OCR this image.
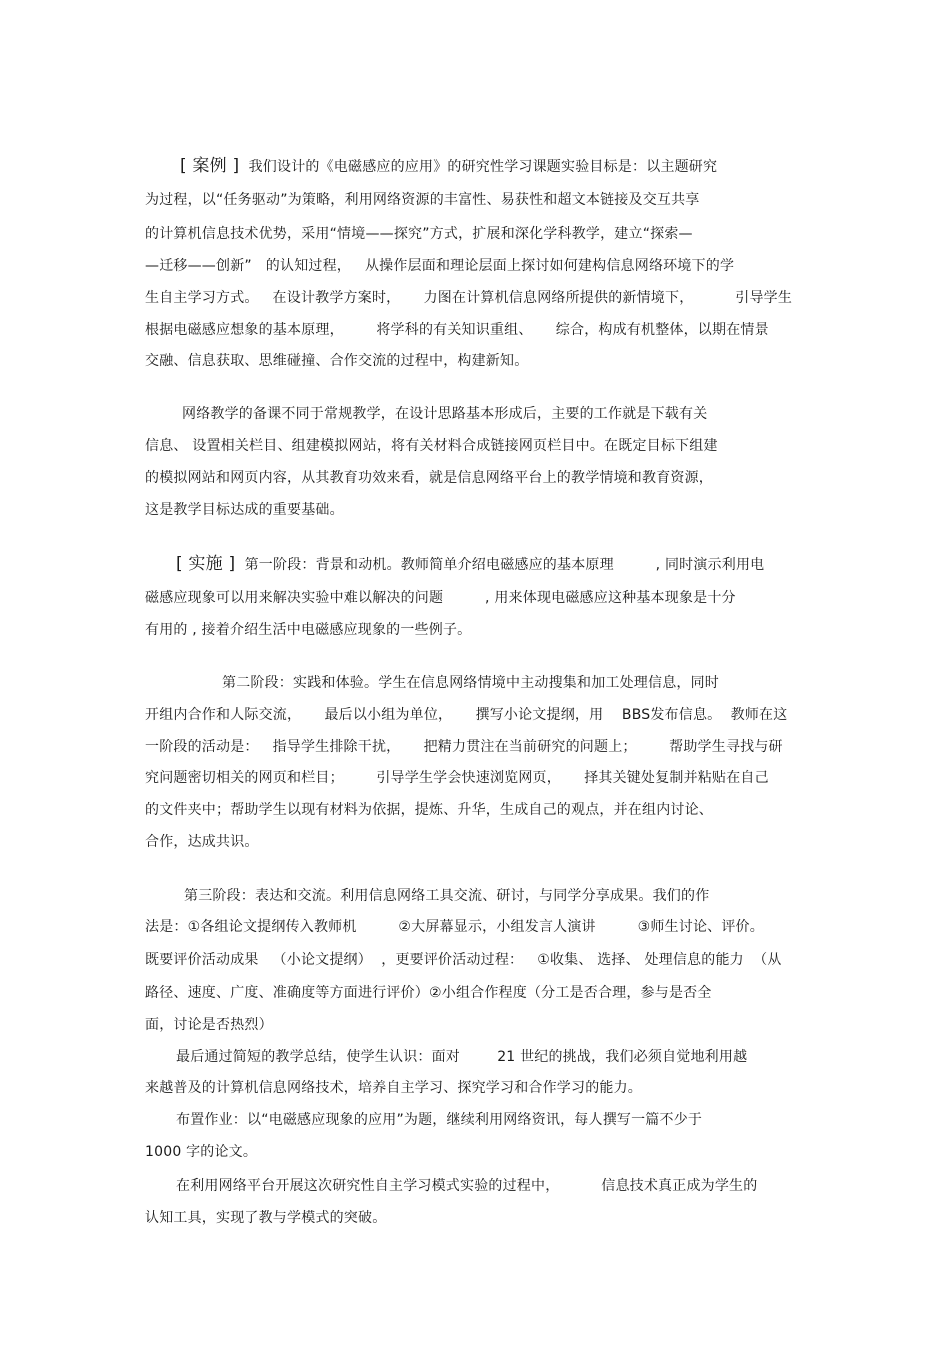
[ 案例 ] 我们设计的《电磁感应的应用》的研究性学习课题实验目标是：以主题研究
为过程，以“任务驱动”为策略，利用网络资源的丰富性、易获性和超文本链接及交互共享
的计算机信息技术优势，采用“情境——探究”方式，扩展和深化学科教学，建立“探索—
—迁移——创新”   的认知过程，   从操作层面和理论层面上探讨如何建构信息网络环境下的学
生自主学习方式。   在设计教学方案时，     力图在计算机信息网络所提供的新情境下，         引导学生
根据电磁感应想象的基本原理，       将学科的有关知识重组、     综合，构成有机整体，以期在情景
交融、信息获取、思维碰撞、合作交流的过程中，构建新知。
网络教学的备课不同于常规教学，在设计思路基本形成后，主要的工作就是下载有关
信息、 设置相关栏目、组建模拟网站，将有关材料合成链接网页栏目中。在既定目标下组建
的模拟网站和网页内容，从其教育功效来看，就是信息网络平台上的教学情境和教育资源，
这是教学目标达成的重要基础。
[ 实施 ] 第一阶段：背景和动机。教师简单介绍电磁感应的基本原理         , 同时演示利用电
磁感应现象可以用来解决实验中难以解决的问题         , 用来体现电磁感应这种基本现象是十分
有用的 , 接着介绍生活中电磁感应现象的一些例子。
第二阶段：实践和体验。学生在信息网络情境中主动搜集和加工处理信息，同时
开组内合作和人际交流，     最后以小组为单位，     撰写小论文提纲，用    BBS发布信息。  教师在这
一阶段的活动是：   指导学生排除干扰，     把精力贯注在当前研究的问题上；       帮助学生寻找与研
究问题密切相关的网页和栏目；       引导学生学会快速浏览网页，     择其关键处复制并粘贴在自己
的文件夹中；帮助学生以现有材料为依据，提炼、升华，生成自己的观点，并在组内讨论、
合作，达成共识。
第三阶段：表达和交流。利用信息网络工具交流、研讨，与同学分享成果。我们的作
法是：①各组论文提纲传入教师机         ②大屏幕显示，小组发言人演讲         ③师生讨论、评价。
既要评价活动成果   （小论文提纲）  ，更要评价活动过程：   ①收集、 选择、 处理信息的能力  （从
路径、速度、广度、准确度等方面进行评价）②小组合作程度（分工是否合理，参与是否全
面，讨论是否热烈）
最后通过简短的教学总结，使学生认识：面对        21 世纪的挑战，我们必须自觉地利用越
来越普及的计算机信息网络技术，培养自主学习、探究学习和合作学习的能力。
布置作业：以“电磁感应现象的应用”为题，继续利用网络资讯，每人撰写一篇不少于
1000 字的论文。
在利用网络平台开展这次研究性自主学习模式实验的过程中，         信息技术真正成为学生的
认知工具，实现了教与学模式的突破。
